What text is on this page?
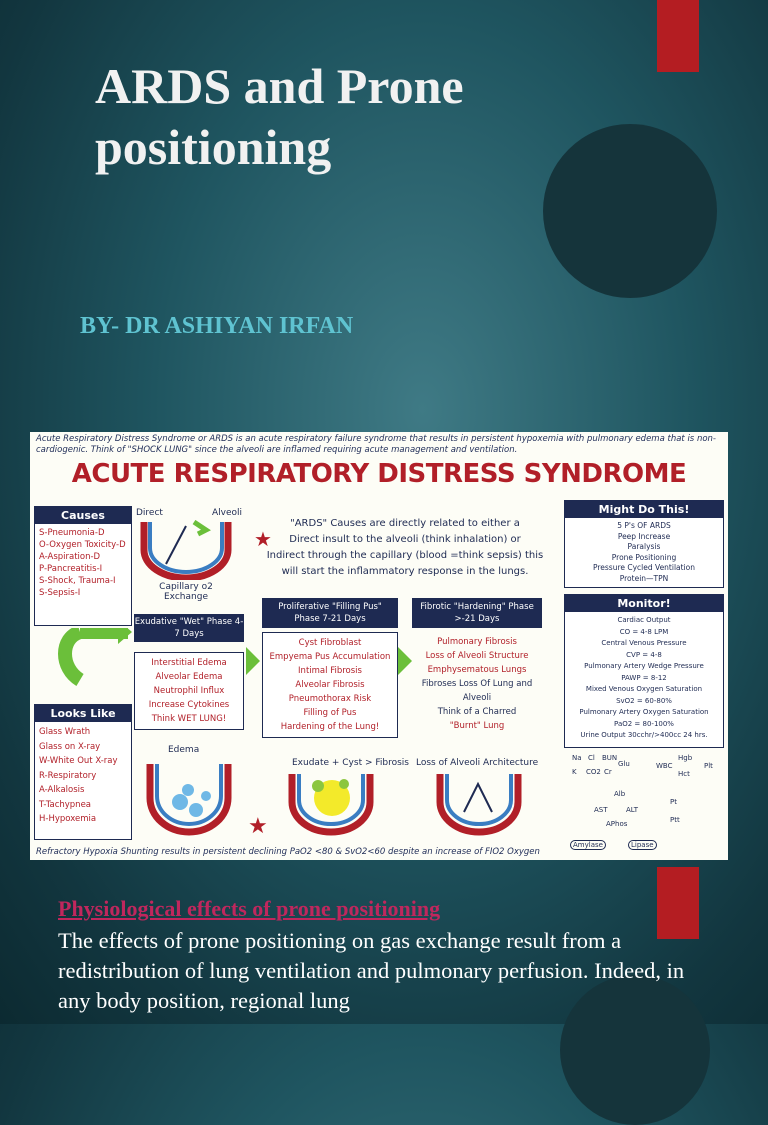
ARDS and Prone positioning
BY- DR ASHIYAN IRFAN
Acute Respiratory Distress Syndrome or ARDS is an acute respiratory failure syndrome that results in persistent hypoxemia with pulmonary edema that is non-cardiogenic. Think of "SHOCK LUNG" since the alveoli are inflamed requiring acute management and ventilation.
ACUTE RESPIRATORY DISTRESS SYNDROME
Causes
S-Pneumonia-D
O-Oxygen Toxicity-D
A-Aspiration-D
P-Pancreatitis-I
S-Shock, Trauma-I
S-Sepsis-I
Looks Like
Glass Wrath
Glass on X-ray
W-White Out X-ray
R-Respiratory
A-Alkalosis
T-Tachypnea
H-Hypoxemia
Direct	Alveoli
Capillary o2 Exchange
"ARDS" Causes are directly related to either a
Direct insult to the alveoli (think inhalation) or
Indirect through the capillary (blood =think sepsis) this
will start the inflammatory response in the lungs.
★
Exudative "Wet" Phase 4-7 Days
Interstitial Edema
Alveolar Edema
Neutrophil Influx
Increase Cytokines
Think WET LUNG!
Proliferative "Filling Pus" Phase 7-21 Days
Cyst Fibroblast
Empyema Pus Accumulation
Intimal Fibrosis
Alveolar Fibrosis
Pneumothorax Risk
Filling of Pus
Hardening of the Lung!
Fibrotic "Hardening" Phase >-21 Days
Pulmonary Fibrosis
Loss of Alveoli Structure
Emphysematous Lungs
Fibroses Loss Of Lung and Alveoli
Think of a Charred
"Burnt" Lung
Edema
Exudate + Cyst > Fibrosis Loss of Alveoli Architecture
★
Might Do This!
5 P's OF ARDS
Peep Increase
Paralysis
Prone Positioning
Pressure Cycled Ventilation
Protein—TPN
Monitor!
Cardiac Output
CO = 4-8 LPM
Central Venous Pressure
CVP = 4-8
Pulmonary Artery Wedge Pressure
PAWP = 8-12
Mixed Venous Oxygen Saturation
SvO2 = 60-80%
Pulmonary Artery Oxygen Saturation
PaO2 = 80-100%
Urine Output 30cchr/>400cc 24 hrs.
Na Cl BUN
Glu
K CO2 Cr
Hgb
WBC	Plt
Hct
Alb
AST	ALT
APhos
Pt
Ptt
Amylase	Lipase
Refractory Hypoxia Shunting results in persistent declining PaO2 <80 & SvO2<60 despite an increase of FIO2 Oxygen
Physiological effects of prone positioning
The effects of prone positioning on gas exchange result from a redistribution of lung ventilation and pulmonary perfusion. Indeed, in any body position, regional lung
